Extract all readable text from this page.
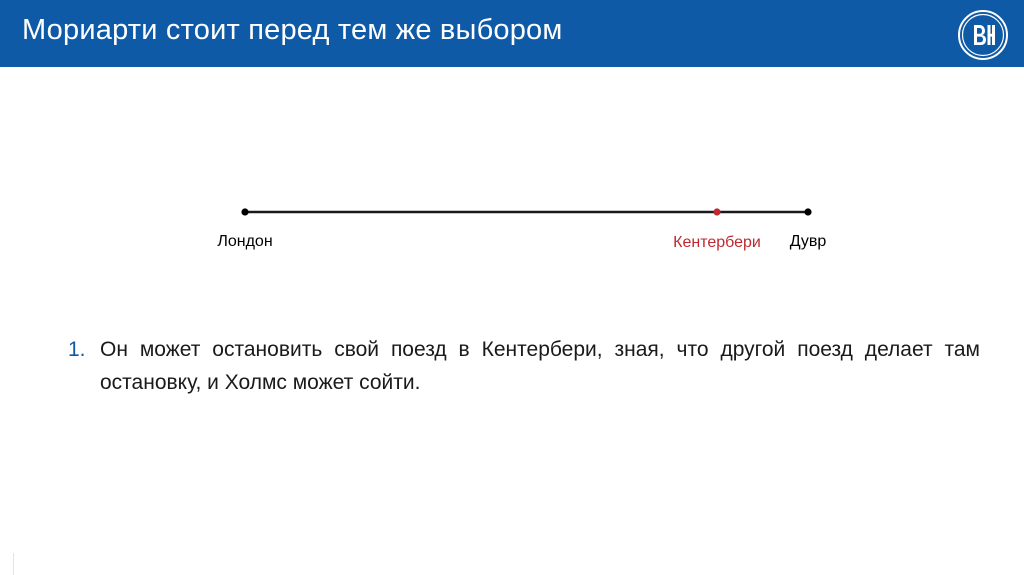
Мориарти стоит перед тем же выбором
Лондон	Кентербери Дувр
1. Он может остановить свой поезд в Кентербери, зная, что другой поезд делает там остановку, и Холмс может сойти.
